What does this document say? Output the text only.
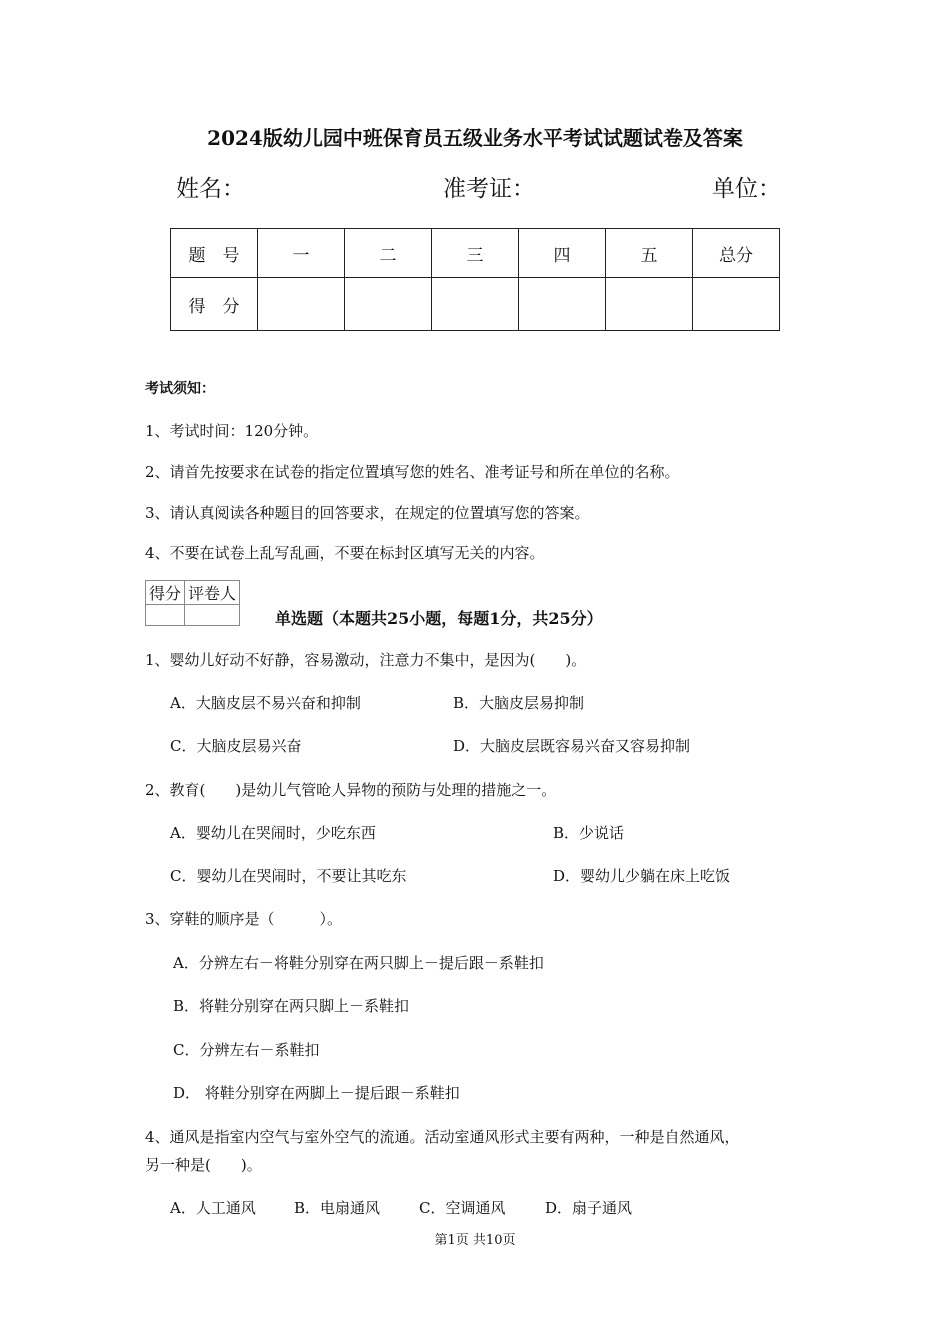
2024版幼儿园中班保育员五级业务水平考试试题试卷及答案
姓名：	准考证：	单位：
题　号	一	二	三	四	五	总分
得　分						
考试须知：
1、考试时间：120分钟。
2、请首先按要求在试卷的指定位置填写您的姓名、准考证号和所在单位的名称。
3、请认真阅读各种题目的回答要求，在规定的位置填写您的答案。
4、不要在试卷上乱写乱画，不要在标封区填写无关的内容。
得分	评卷人

单选题（本题共25小题，每题1分，共25分）
1、婴幼儿好动不好静，容易激动，注意力不集中，是因为(　　)。
A．大脑皮层不易兴奋和抑制	B．大脑皮层易抑制
C．大脑皮层易兴奋	D．大脑皮层既容易兴奋又容易抑制
2、教育(　　)是幼儿气管呛人异物的预防与处理的措施之一。
A．婴幼儿在哭闹时，少吃东西	B．少说话
C．婴幼儿在哭闹时，不要让其吃东	D．婴幼儿少躺在床上吃饭
3、穿鞋的顺序是（　　　）。
A．分辨左右－将鞋分别穿在两只脚上－提后跟－系鞋扣
B．将鞋分别穿在两只脚上－系鞋扣
C．分辨左右－系鞋扣
D． 将鞋分别穿在两脚上－提后跟－系鞋扣
4、通风是指室内空气与室外空气的流通。活动室通风形式主要有两种，一种是自然通风，
另一种是(　　)。
A．人工通风	B．电扇通风	C．空调通风	D．扇子通风
第1页 共10页
